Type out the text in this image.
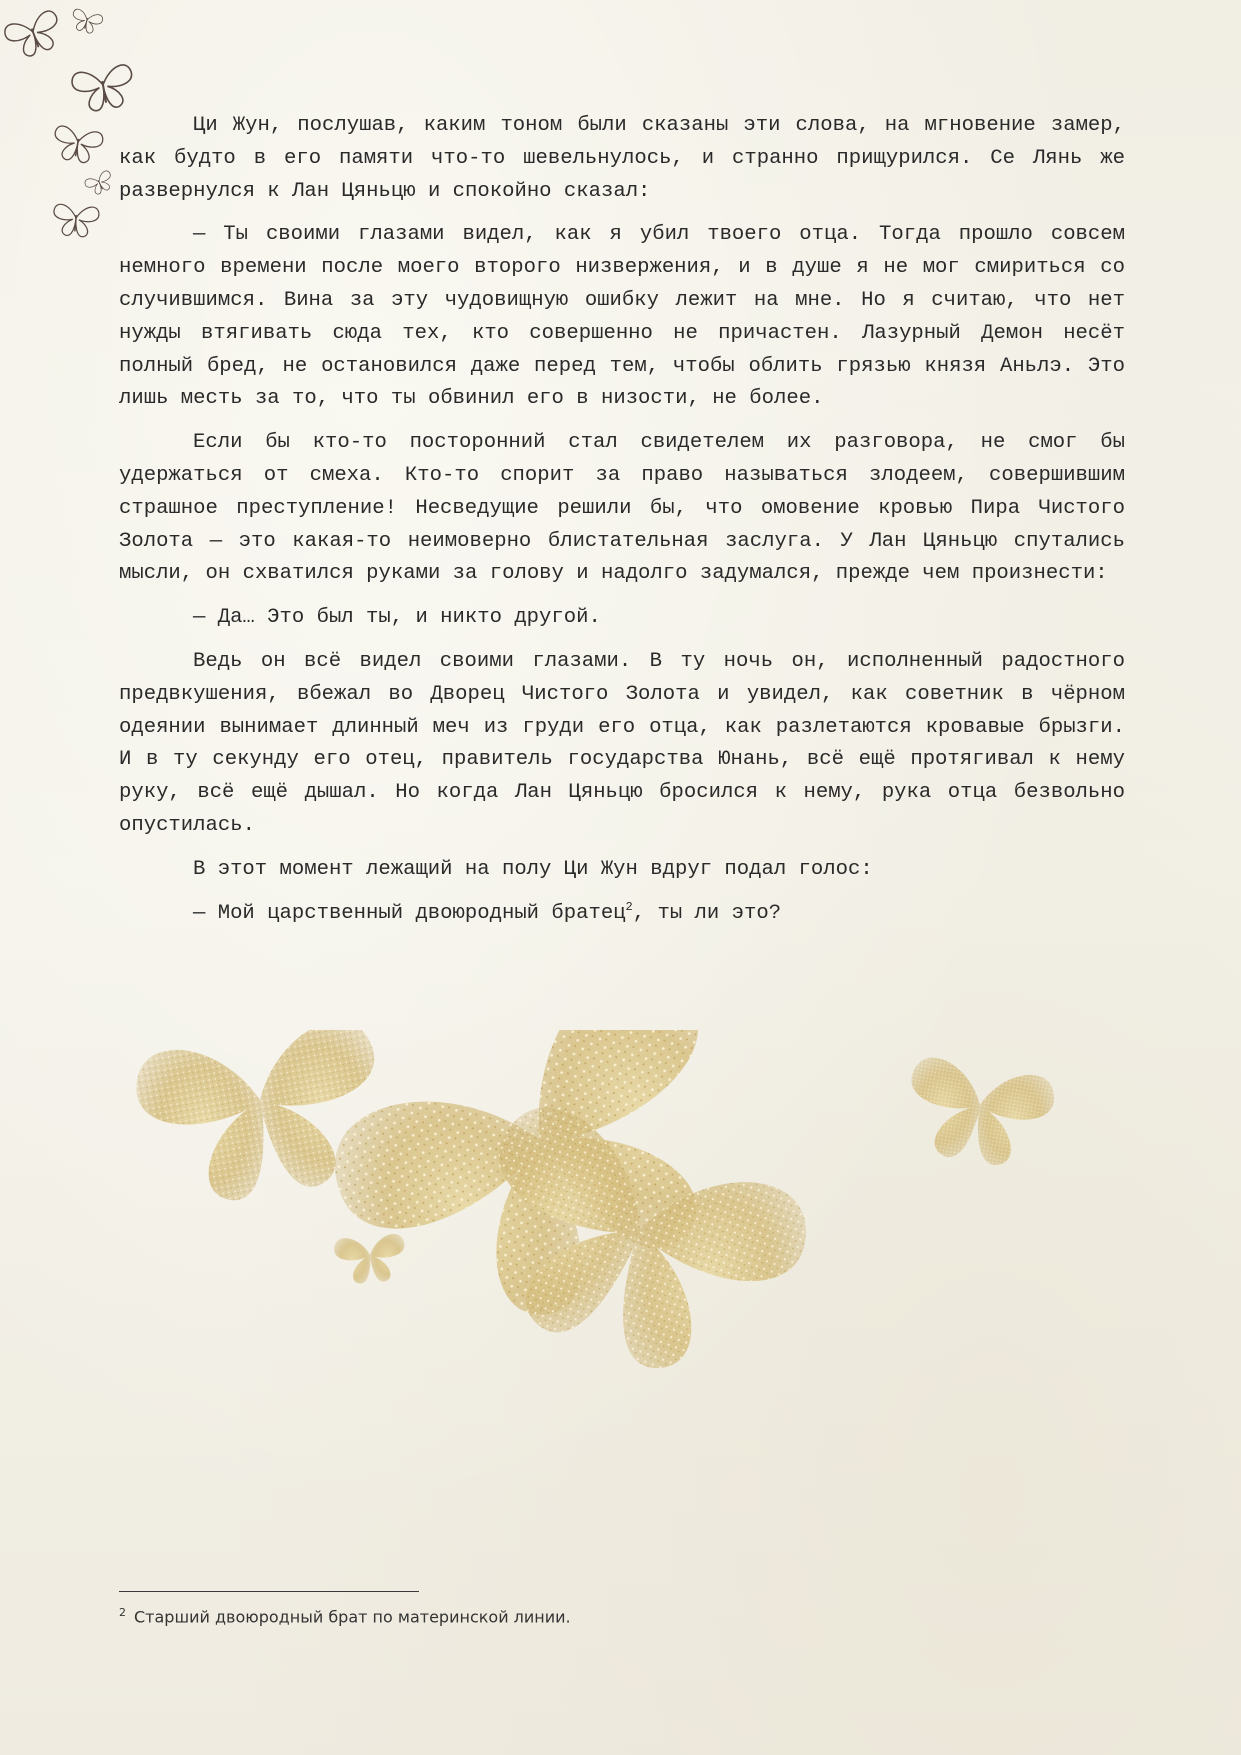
Ци Жун, послушав, каким тоном были сказаны эти слова, на мгновение замер, как будто в его памяти что-то шевельнулось, и странно прищурился. Се Лянь же развернулся к Лан Цяньцю и спокойно сказал:

— Ты своими глазами видел, как я убил твоего отца. Тогда прошло совсем немного времени после моего второго низвержения, и в душе я не мог смириться со случившимся. Вина за эту чудовищную ошибку лежит на мне. Но я считаю, что нет нужды втягивать сюда тех, кто совершенно не причастен. Лазурный Демон несёт полный бред, не остановился даже перед тем, чтобы облить грязью князя Аньлэ. Это лишь месть за то, что ты обвинил его в низости, не более.

Если бы кто-то посторонний стал свидетелем их разговора, не смог бы удержаться от смеха. Кто-то спорит за право называться злодеем, совершившим страшное преступление! Несведущие решили бы, что омовение кровью Пира Чистого Золота — это какая-то неимоверно блистательная заслуга. У Лан Цяньцю спутались мысли, он схватился руками за голову и надолго задумался, прежде чем произнести:

— Да… Это был ты, и никто другой.

Ведь он всё видел своими глазами. В ту ночь он, исполненный радостного предвкушения, вбежал во Дворец Чистого Золота и увидел, как советник в чёрном одеянии вынимает длинный меч из груди его отца, как разлетаются кровавые брызги. И в ту секунду его отец, правитель государства Юнань, всё ещё протягивал к нему руку, всё ещё дышал. Но когда Лан Цяньцю бросился к нему, рука отца безвольно опустилась.

В этот момент лежащий на полу Ци Жун вдруг подал голос:

— Мой царственный двоюродный братец$^2$, ты ли это?

$^2$ Старший двоюродный брат по материнской линии.
